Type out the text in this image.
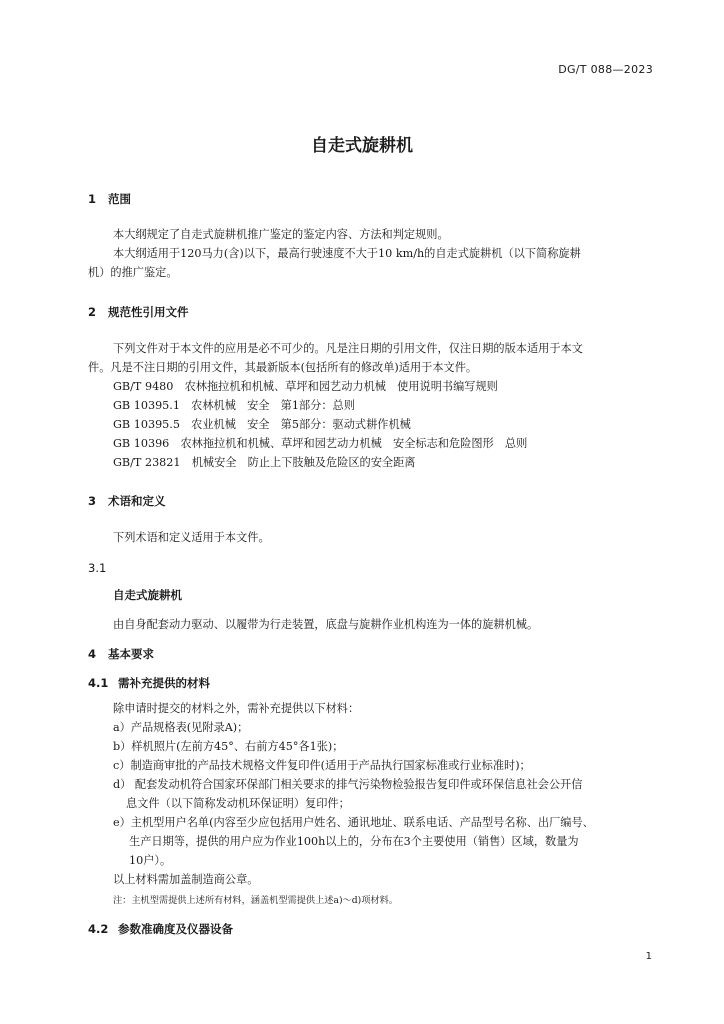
DG/T 088—2023
自走式旋耕机
1 范围
本大纲规定了自走式旋耕机推广鉴定的鉴定内容、方法和判定规则。
本大纲适用于120马力(含)以下，最高行驶速度不大于10 km/h的自走式旋耕机（以下简称旋耕
机）的推广鉴定。
2 规范性引用文件
下列文件对于本文件的应用是必不可少的。凡是注日期的引用文件，仅注日期的版本适用于本文
件。凡是不注日期的引用文件，其最新版本(包括所有的修改单)适用于本文件。
GB/T 9480　农林拖拉机和机械、草坪和园艺动力机械　使用说明书编写规则
GB 10395.1　农林机械　安全　第1部分：总则
GB 10395.5　农业机械　安全　第5部分：驱动式耕作机械
GB 10396　农林拖拉机和机械、草坪和园艺动力机械　安全标志和危险图形　总则
GB/T 23821　机械安全　防止上下肢触及危险区的安全距离
3 术语和定义
下列术语和定义适用于本文件。
3.1
自走式旋耕机
由自身配套动力驱动、以履带为行走装置，底盘与旋耕作业机构连为一体的旋耕机械。
4 基本要求
4.1 需补充提供的材料
除申请时提交的材料之外，需补充提供以下材料：
a）产品规格表(见附录A)；
b）样机照片(左前方45°、右前方45°各1张)；
c）制造商审批的产品技术规格文件复印件(适用于产品执行国家标准或行业标准时)；
d） 配套发动机符合国家环保部门相关要求的排气污染物检验报告复印件或环保信息社会公开信
息文件（以下简称发动机环保证明）复印件；
e）主机型用户名单(内容至少应包括用户姓名、通讯地址、联系电话、产品型号名称、出厂编号、
生产日期等，提供的用户应为作业100h以上的，分布在3个主要使用（销售）区域，数量为
10户）。
以上材料需加盖制造商公章。
注：主机型需提供上述所有材料，涵盖机型需提供上述a)～d)项材料。
4.2 参数准确度及仪器设备
1
